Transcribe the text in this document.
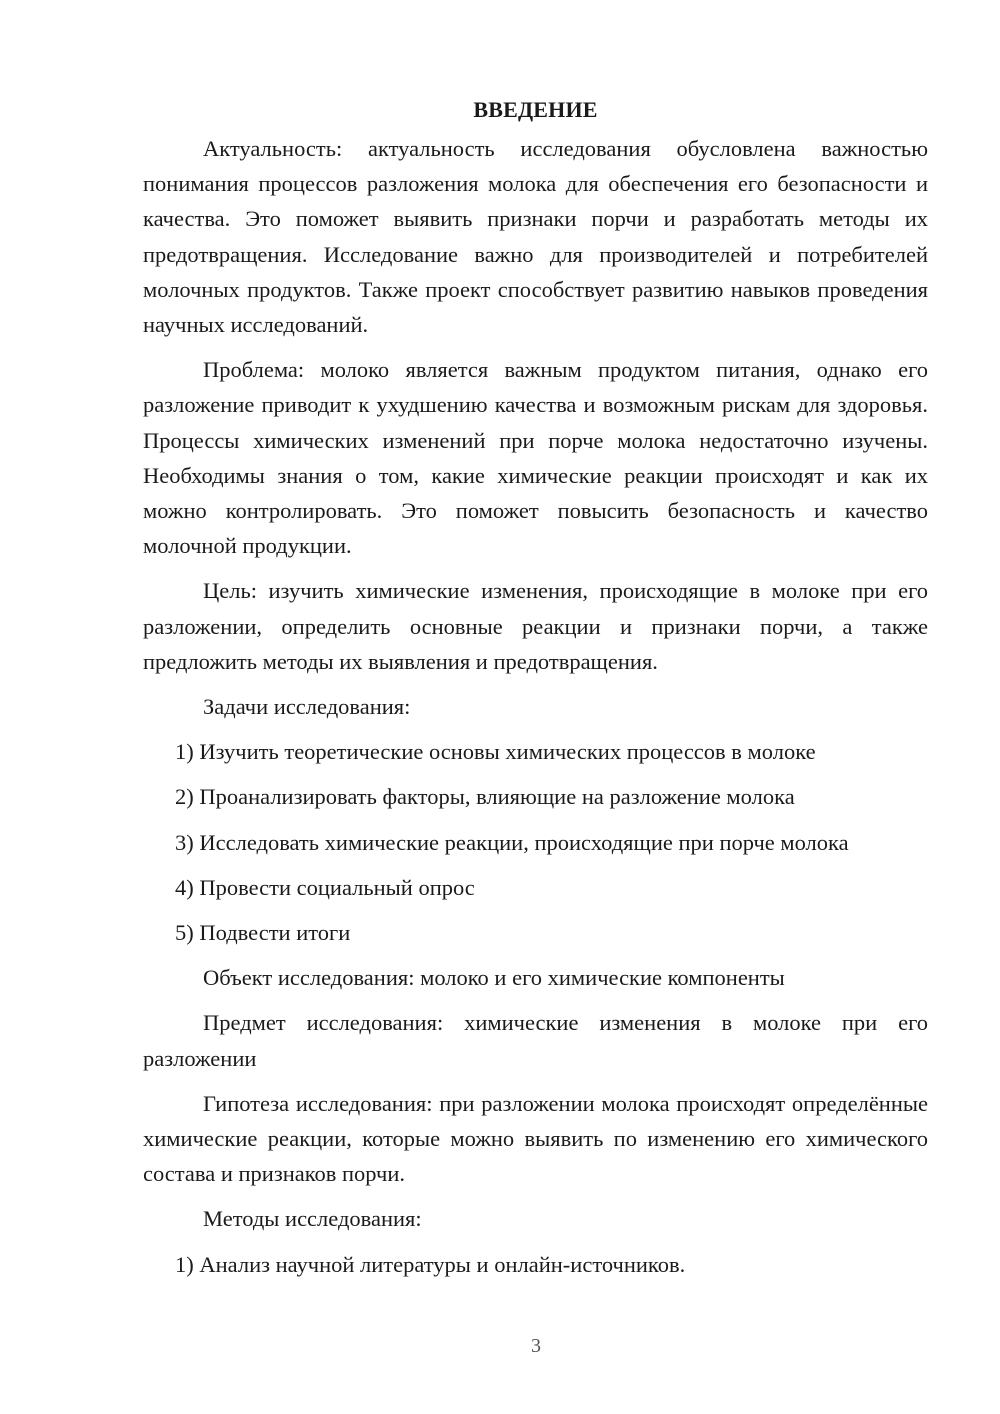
ВВЕДЕНИЕ

Актуальность: актуальность исследования обусловлена важностью понимания процессов разложения молока для обеспечения его безопасности и качества. Это поможет выявить признаки порчи и разработать методы их предотвращения. Исследование важно для производителей и потребителей молочных продуктов. Также проект способствует развитию навыков проведения научных исследований.

Проблема: молоко является важным продуктом питания, однако его разложение приводит к ухудшению качества и возможным рискам для здоровья. Процессы химических изменений при порче молока недостаточно изучены. Необходимы знания о том, какие химические реакции происходят и как их можно контролировать. Это поможет повысить безопасность и качество молочной продукции.

Цель: изучить химические изменения, происходящие в молоке при его разложении, определить основные реакции и признаки порчи, а также предложить методы их выявления и предотвращения.

Задачи исследования:
1) Изучить теоретические основы химических процессов в молоке
2) Проанализировать факторы, влияющие на разложение молока
3) Исследовать химические реакции, происходящие при порче молока
4) Провести социальный опрос
5) Подвести итоги
Объект исследования: молоко и его химические компоненты

Предмет исследования: химические изменения в молоке при его разложении

Гипотеза исследования: при разложении молока происходят определённые химические реакции, которые можно выявить по изменению его химического состава и признаков порчи.

Методы исследования:
1) Анализ научной литературы и онлайн-источников.
3
